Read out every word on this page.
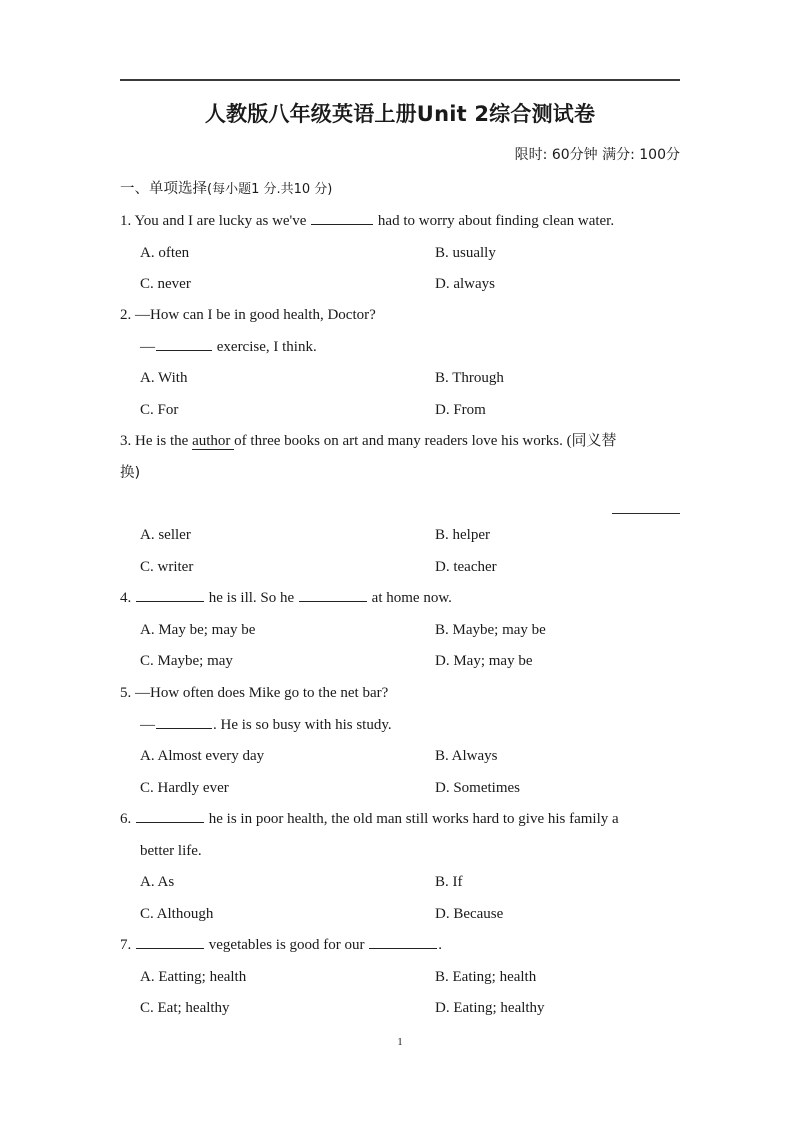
人教版八年级英语上册Unit 2综合测试卷
限时: 60分钟 满分: 100分
一、单项选择(每小题1 分.共10 分)
1. You and I are lucky as we've	had to worry about finding clean water.
A. often	B. usually
C. never	D. always
2. —How can I be in good health, Doctor?
—	exercise, I think.
A. With	B. Through
C. For	D. From
3. He is the author of three books on art and many readers love his works. (同义替
换)
A. seller	B. helper
C. writer	D. teacher
4.	he is ill. So he	at home now.
A. May be; may be	B. Maybe; may be
C. Maybe; may	D. May; may be
5. —How often does Mike go to the net bar?
—	. He is so busy with his study.
A. Almost every day	B. Always
C. Hardly ever	D. Sometimes
6.	he is in poor health, the old man still works hard to give his family a
better life.
A. As	B. If
C. Although	D. Because
7.	vegetables is good for our	.
A. Eatting; health	B. Eating; health
C. Eat; healthy	D. Eating; healthy
1
